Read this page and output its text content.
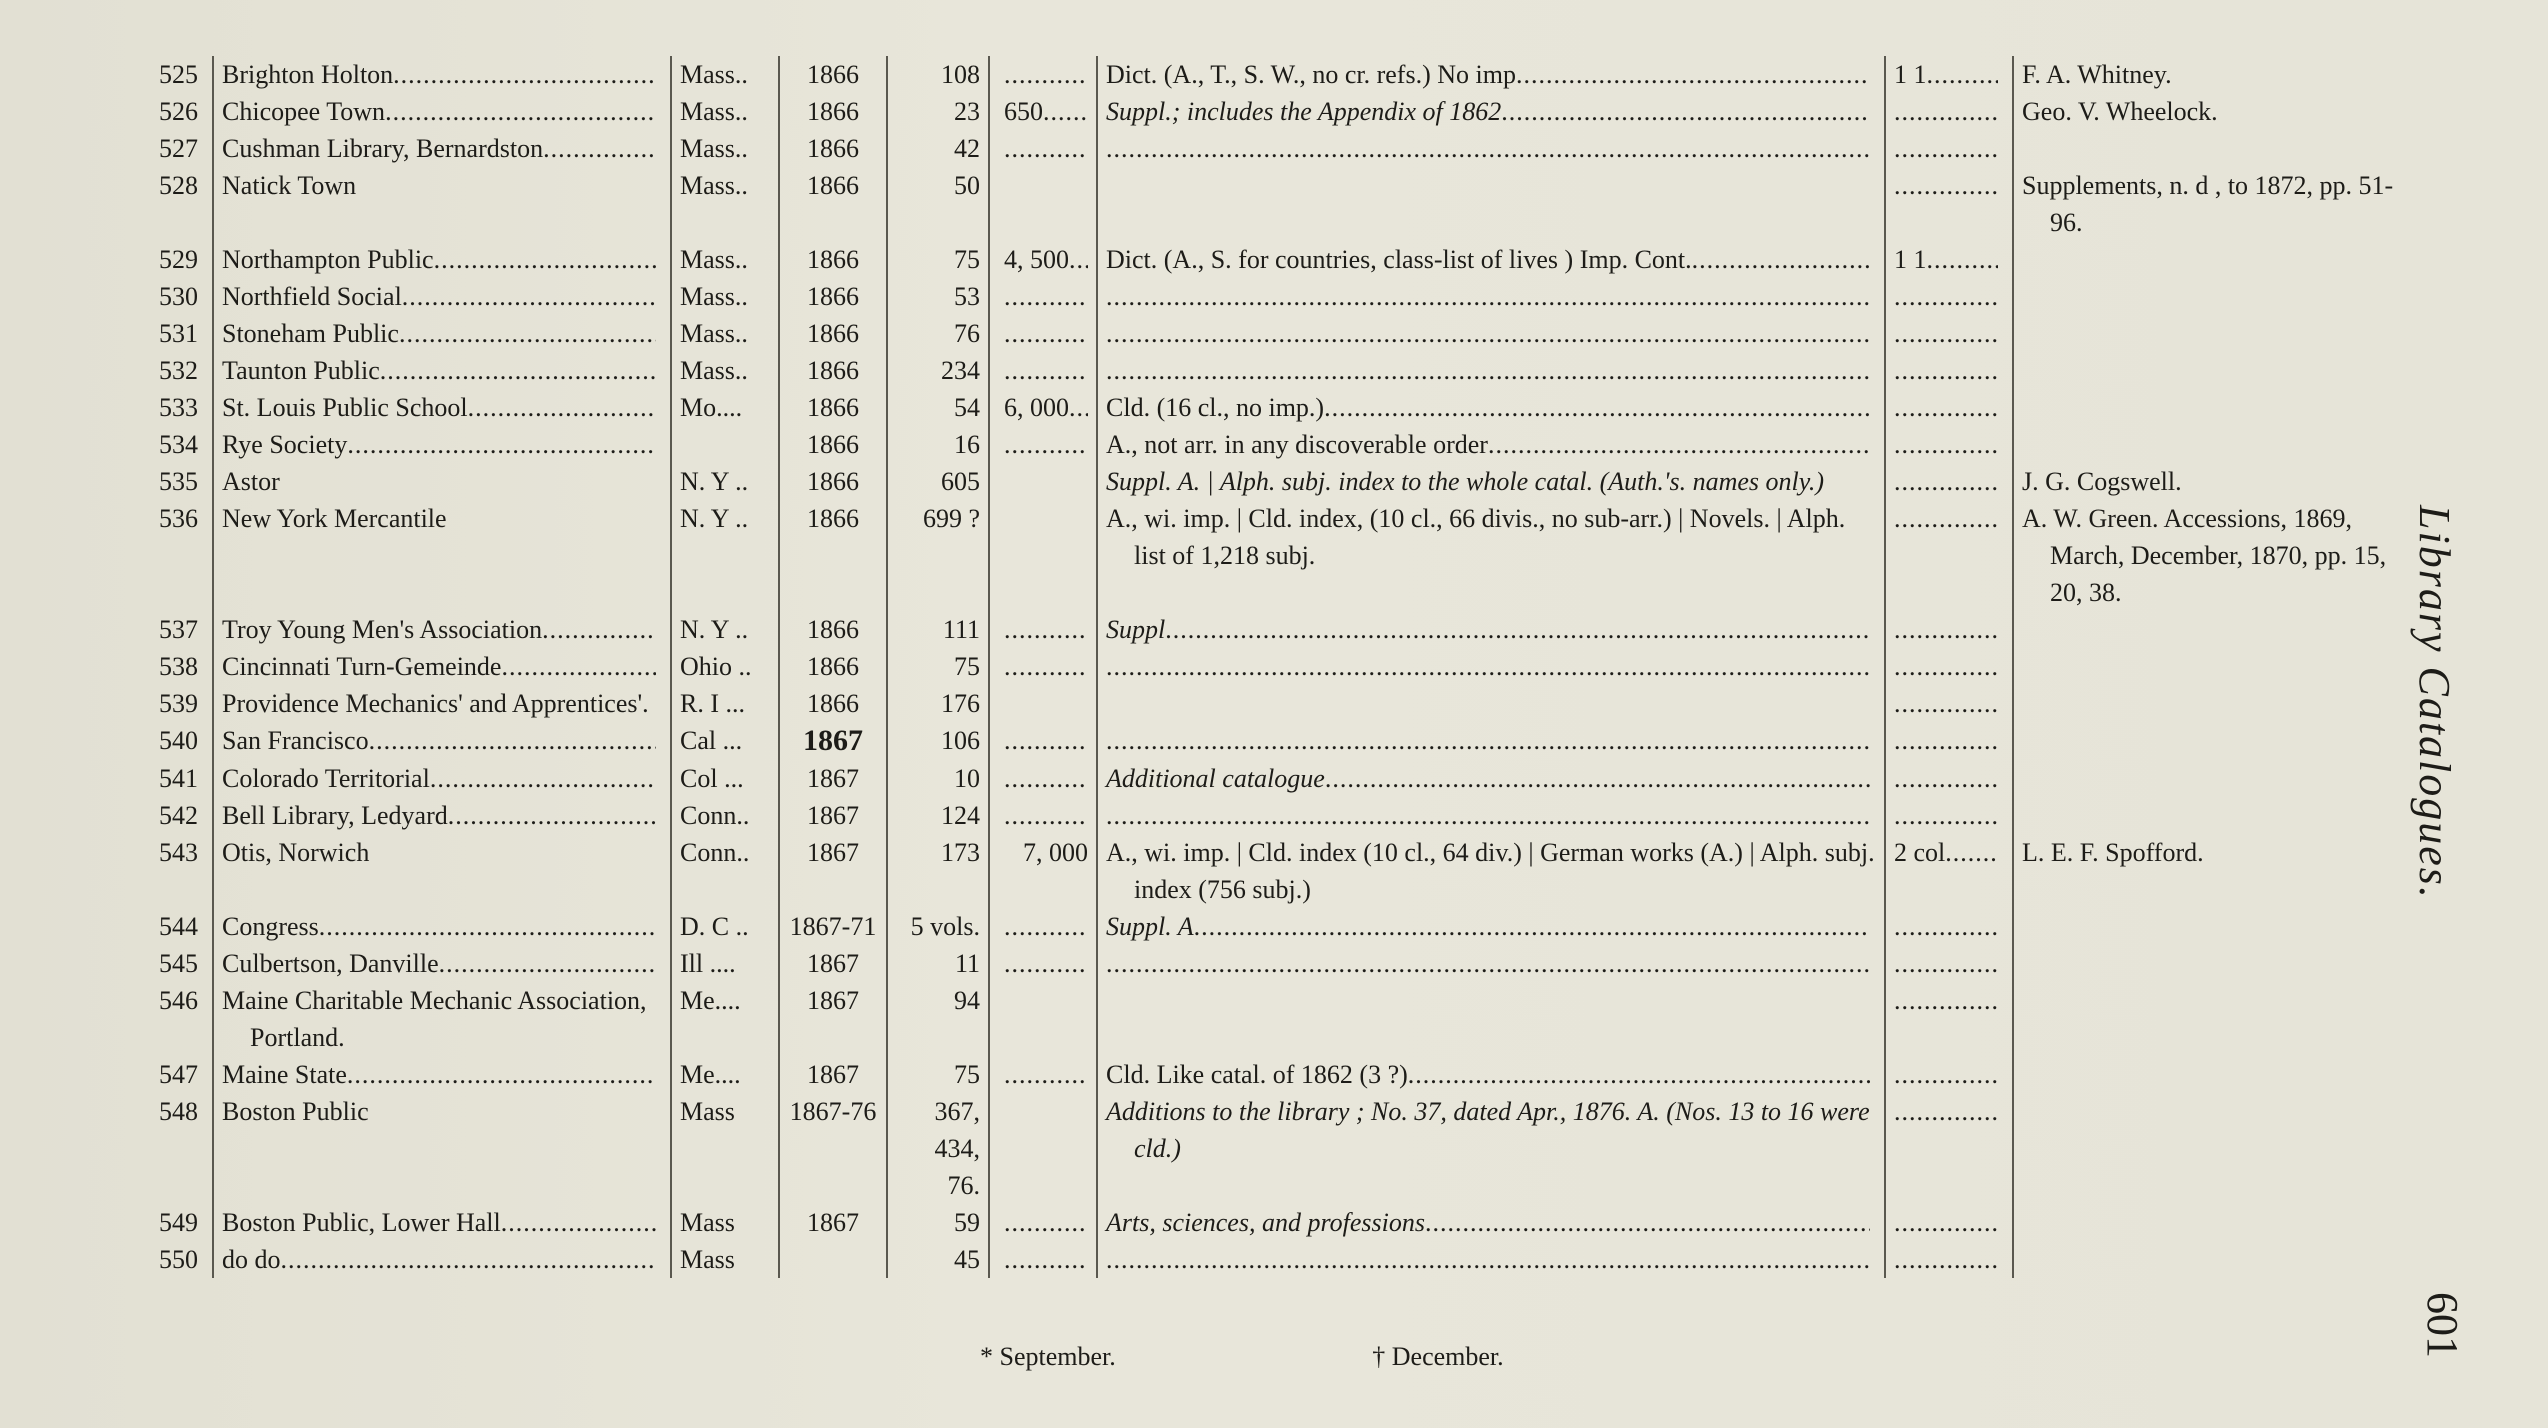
525	Brighton Holton.....	Mass..	1866	108	.....	Dict. (A., T., S. W., no cr. refs.) No imp.....	1 1.....	F. A. Whitney.
526	Chicopee Town.....	Mass..	1866	23	650.....	Suppl.; includes the Appendix of 1862.....	.....	Geo. V. Wheelock.
527	Cushman Library, Bernardston.....	Mass..	1866	42	.....	.....	.....	
528	Natick Town	Mass..	1866	50			.....	Supplements, n. d , to 1872, pp. 51-96.
529	Northampton Public.....	Mass..	1866	75	4, 500.....	Dict. (A., S. for countries, class-list of lives ) Imp. Cont......	1 1.....	
530	Northfield Social.....	Mass..	1866	53	.....	.....	.....	
531	Stoneham Public.....	Mass..	1866	76	.....	.....	.....	
532	Taunton Public.....	Mass..	1866	234	.....	.....	.....	
533	St. Louis Public School.....	Mo....	1866	54	6, 000.....	Cld. (16 cl., no imp.).....	.....	
534	Rye Society.....		1866	16	.....	A., not arr. in any discoverable order.....	.....	
535	Astor	N. Y ..	1866	605		Suppl. A. | Alph. subj. index to the whole catal. (Auth.'s. names only.)	.....	J. G. Cogswell.
536	New York Mercantile	N. Y ..	1866	699 ?		A., wi. imp. | Cld. index, (10 cl., 66 divis., no sub-arr.) | Novels. | Alph. list of 1,218 subj.	.....	A. W. Green. Accessions, 1869, March, December, 1870, pp. 15, 20, 38.
537	Troy Young Men's Association.....	N. Y ..	1866	111	.....	Suppl.....	.....	
538	Cincinnati Turn-Gemeinde.....	Ohio ..	1866	75	.....	.....	.....	
539	Providence Mechanics' and Apprentices'.	R. I ...	1866	176			.....	
540	San Francisco.....	Cal ...	1867	106	.....	.....	.....	
541	Colorado Territorial.....	Col ...	1867	10	.....	Additional catalogue.....	.....	
542	Bell Library, Ledyard.....	Conn..	1867	124	.....	.....	.....	
543	Otis, Norwich	Conn..	1867	173	7, 000	A., wi. imp. | Cld. index (10 cl., 64 div.) | German works (A.) | Alph. subj. index (756 subj.)	2 col.....	L. E. F. Spofford.
544	Congress.....	D. C ..	1867-71	5 vols.	.....	Suppl. A.....	.....	
545	Culbertson, Danville.....	Ill ....	1867	11	.....	.....	.....	
546	Maine Charitable Mechanic Association, Portland.	Me....	1867	94			.....	
547	Maine State.....	Me....	1867	75	.....	Cld. Like catal. of 1862 (3 ?).....	.....	
548	Boston Public	Mass	1867-76	367, 434, 76.		Additions to the library ; No. 37, dated Apr., 1876. A. (Nos. 13 to 16 were cld.)	.....	
549	Boston Public, Lower Hall.....	Mass	1867	59	.....	Arts, sciences, and professions.....	.....	
550	do do.....	Mass		45	.....	.....	.....	
* September.	† December.
Library Catalogues.
601
